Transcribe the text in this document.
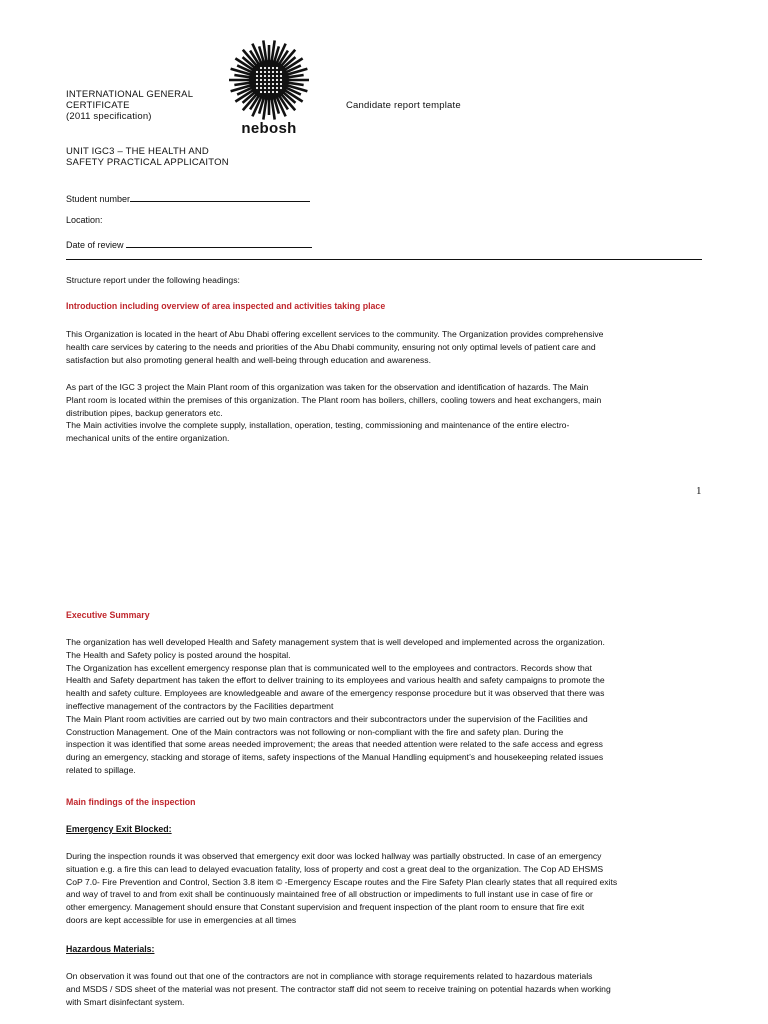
INTERNATIONAL GENERAL
CERTIFICATE
(2011 specification)
nebosh
Candidate report template
UNIT IGC3 – THE HEALTH AND
SAFETY PRACTICAL APPLICAITON
Student number
Location:
Date of review
Structure report under the following headings:
Introduction including overview of area inspected and activities taking place
This Organization is located in the heart of Abu Dhabi offering excellent services to the community. The Organization provides comprehensive
health care services by catering to the needs and priorities of the Abu Dhabi community, ensuring not only optimal levels of patient care and
satisfaction but also promoting general health and well-being through education and awareness.
As part of the IGC 3 project the Main Plant room of this organization was taken for the observation and identification of hazards. The Main
Plant room is located within the premises of this organization. The Plant room has boilers, chillers, cooling towers and heat exchangers, main
distribution pipes, backup generators etc.
The Main activities involve the complete supply, installation, operation, testing, commissioning and maintenance of the entire electro-
mechanical units of the entire organization.
1
Executive Summary
The organization has well developed Health and Safety management system that is well developed and implemented across the organization.
The Health and Safety policy is posted around the hospital.
The Organization has excellent emergency response plan that is communicated well to the employees and contractors. Records show that
Health and Safety department has taken the effort to deliver training to its employees and various health and safety campaigns to promote the
health and safety culture. Employees are knowledgeable and aware of the emergency response procedure but it was observed that there was
ineffective management of the contractors by the Facilities department
The Main Plant room activities are carried out by two main contractors and their subcontractors under the supervision of the Facilities and
Construction Management. One of the Main contractors was not following or non-compliant with the fire and safety plan. During the
inspection it was identified that some areas needed improvement; the areas that needed attention were related to the safe access and egress
during an emergency, stacking and storage of items, safety inspections of the Manual Handling equipment’s and housekeeping related issues
related to spillage.
Main findings of the inspection
Emergency Exit Blocked:
During the inspection rounds it was observed that emergency exit door was locked hallway was partially obstructed. In case of an emergency
situation e.g. a fire this can lead to delayed evacuation fatality, loss of property and cost a great deal to the organization. The Cop AD EHSMS
CoP 7.0- Fire Prevention and Control, Section 3.8 item © -Emergency Escape routes and the Fire Safety Plan clearly states that all required exits
and way of travel to and from exit shall be continuously maintained free of all obstruction or impediments to full instant use in case of fire or
other emergency. Management should ensure that Constant supervision and frequent inspection of the plant room to ensure that fire exit
doors are kept accessible for use in emergencies at all times
Hazardous Materials:
On observation it was found out that one of the contractors are not in compliance with storage requirements related to hazardous materials
and MSDS / SDS sheet of the material was not present. The contractor staff did not seem to receive training on potential hazards when working
with Smart disinfectant system.
